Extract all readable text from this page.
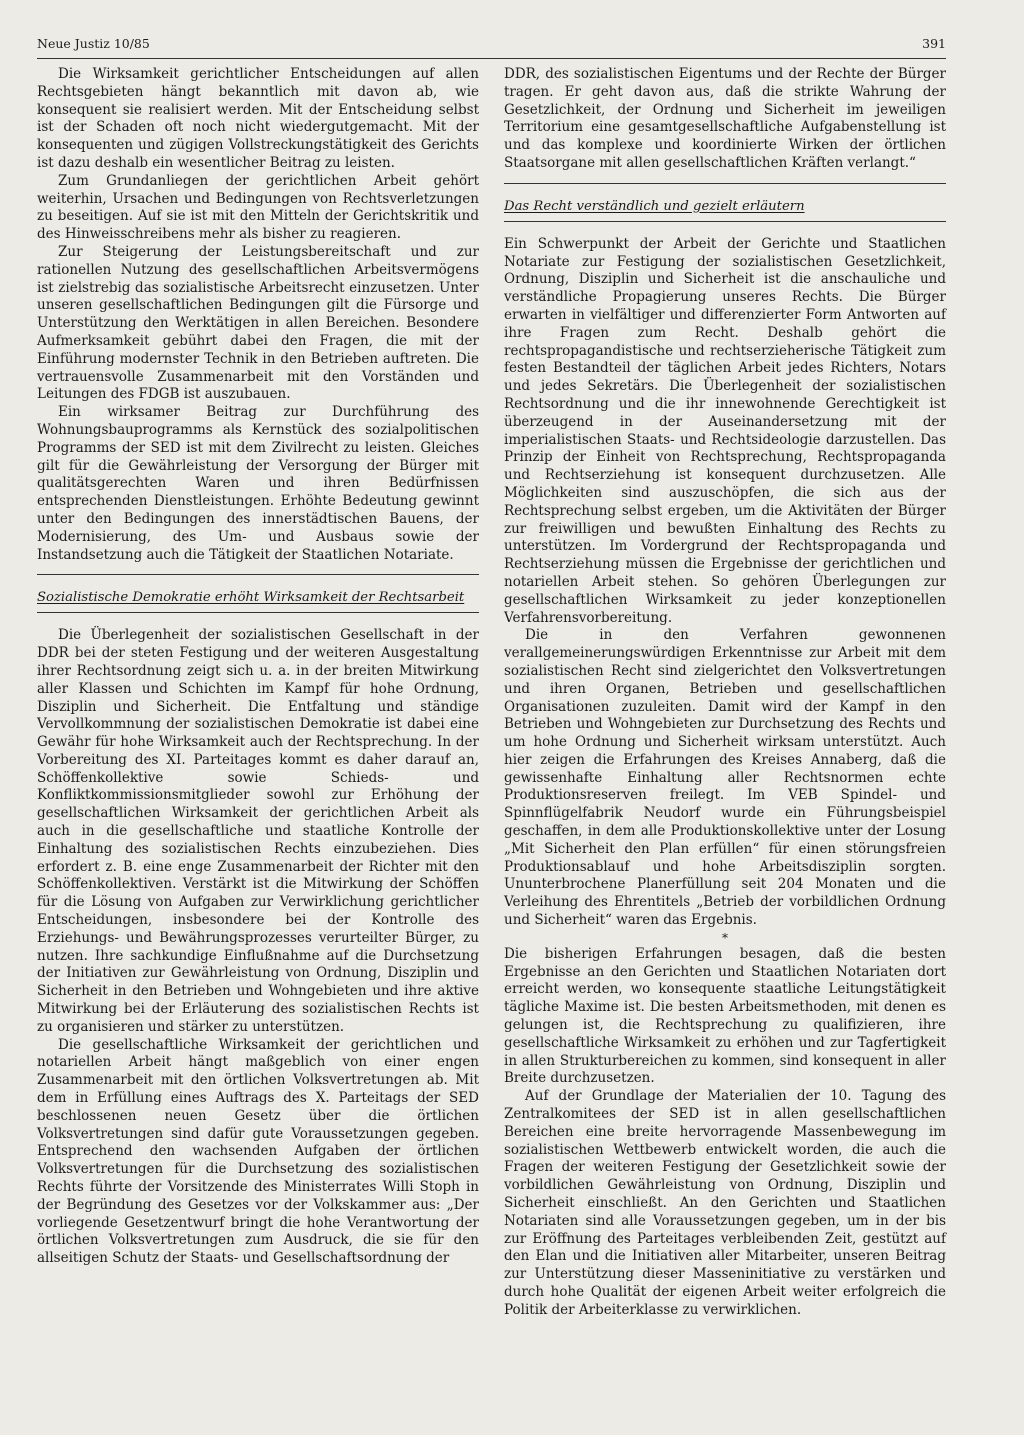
Neue Justiz 10/85	391

Die Wirksamkeit gerichtlicher Entscheidungen auf allen Rechtsgebieten hängt bekanntlich mit davon ab, wie konsequent sie realisiert werden. Mit der Entscheidung selbst ist der Schaden oft noch nicht wiedergutgemacht. Mit der konsequenten und zügigen Vollstreckungstätigkeit des Gerichts ist dazu deshalb ein wesentlicher Beitrag zu leisten.

Zum Grundanliegen der gerichtlichen Arbeit gehört weiterhin, Ursachen und Bedingungen von Rechtsverletzungen zu beseitigen. Auf sie ist mit den Mitteln der Gerichtskritik und des Hinweisschreibens mehr als bisher zu reagieren.

Zur Steigerung der Leistungsbereitschaft und zur rationellen Nutzung des gesellschaftlichen Arbeitsvermögens ist zielstrebig das sozialistische Arbeitsrecht einzusetzen. Unter unseren gesellschaftlichen Bedingungen gilt die Fürsorge und Unterstützung den Werktätigen in allen Bereichen. Besondere Aufmerksamkeit gebührt dabei den Fragen, die mit der Einführung modernster Technik in den Betrieben auftreten. Die vertrauensvolle Zusammenarbeit mit den Vorständen und Leitungen des FDGB ist auszubauen.

Ein wirksamer Beitrag zur Durchführung des Wohnungsbauprogramms als Kernstück des sozialpolitischen Programms der SED ist mit dem Zivilrecht zu leisten. Gleiches gilt für die Gewährleistung der Versorgung der Bürger mit qualitätsgerechten Waren und ihren Bedürfnissen entsprechenden Dienstleistungen. Erhöhte Bedeutung gewinnt unter den Bedingungen des innerstädtischen Bauens, der Modernisierung, des Um- und Ausbaus sowie der Instandsetzung auch die Tätigkeit der Staatlichen Notariate.

Sozialistische Demokratie erhöht Wirksamkeit der Rechtsarbeit

Die Überlegenheit der sozialistischen Gesellschaft in der DDR bei der steten Festigung und der weiteren Ausgestaltung ihrer Rechtsordnung zeigt sich u. a. in der breiten Mitwirkung aller Klassen und Schichten im Kampf für hohe Ordnung, Disziplin und Sicherheit. Die Entfaltung und ständige Vervollkommnung der sozialistischen Demokratie ist dabei eine Gewähr für hohe Wirksamkeit auch der Rechtsprechung. In der Vorbereitung des XI. Parteitages kommt es daher darauf an, Schöffenkollektive sowie Schieds- und Konfliktkommissionsmitglieder sowohl zur Erhöhung der gesellschaftlichen Wirksamkeit der gerichtlichen Arbeit als auch in die gesellschaftliche und staatliche Kontrolle der Einhaltung des sozialistischen Rechts einzubeziehen. Dies erfordert z. B. eine enge Zusammenarbeit der Richter mit den Schöffenkollektiven. Verstärkt ist die Mitwirkung der Schöffen für die Lösung von Aufgaben zur Verwirklichung gerichtlicher Entscheidungen, insbesondere bei der Kontrolle des Erziehungs- und Bewährungsprozesses verurteilter Bürger, zu nutzen. Ihre sachkundige Einflußnahme auf die Durchsetzung der Initiativen zur Gewährleistung von Ordnung, Disziplin und Sicherheit in den Betrieben und Wohngebieten und ihre aktive Mitwirkung bei der Erläuterung des sozialistischen Rechts ist zu organisieren und stärker zu unterstützen.

Die gesellschaftliche Wirksamkeit der gerichtlichen und notariellen Arbeit hängt maßgeblich von einer engen Zusammenarbeit mit den örtlichen Volksvertretungen ab. Mit dem in Erfüllung eines Auftrags des X. Parteitags der SED beschlossenen neuen Gesetz über die örtlichen Volksvertretungen sind dafür gute Voraussetzungen gegeben. Entsprechend den wachsenden Aufgaben der örtlichen Volksvertretungen für die Durchsetzung des sozialistischen Rechts führte der Vorsitzende des Ministerrates Willi Stoph in der Begründung des Gesetzes vor der Volkskammer aus: „Der vorliegende Gesetzentwurf bringt die hohe Verantwortung der örtlichen Volksvertretungen zum Ausdruck, die sie für den allseitigen Schutz der Staats- und Gesellschaftsordnung der

DDR, des sozialistischen Eigentums und der Rechte der Bürger tragen. Er geht davon aus, daß die strikte Wahrung der Gesetzlichkeit, der Ordnung und Sicherheit im jeweiligen Territorium eine gesamtgesellschaftliche Aufgabenstellung ist und das komplexe und koordinierte Wirken der örtlichen Staatsorgane mit allen gesellschaftlichen Kräften verlangt.“

Das Recht verständlich und gezielt erläutern

Ein Schwerpunkt der Arbeit der Gerichte und Staatlichen Notariate zur Festigung der sozialistischen Gesetzlichkeit, Ordnung, Disziplin und Sicherheit ist die anschauliche und verständliche Propagierung unseres Rechts. Die Bürger erwarten in vielfältiger und differenzierter Form Antworten auf ihre Fragen zum Recht. Deshalb gehört die rechtspropagandistische und rechtserzieherische Tätigkeit zum festen Bestandteil der täglichen Arbeit jedes Richters, Notars und jedes Sekretärs. Die Überlegenheit der sozialistischen Rechtsordnung und die ihr innewohnende Gerechtigkeit ist überzeugend in der Auseinandersetzung mit der imperialistischen Staats- und Rechtsideologie darzustellen. Das Prinzip der Einheit von Rechtsprechung, Rechtspropaganda und Rechtserziehung ist konsequent durchzusetzen. Alle Möglichkeiten sind auszuschöpfen, die sich aus der Rechtsprechung selbst ergeben, um die Aktivitäten der Bürger zur freiwilligen und bewußten Einhaltung des Rechts zu unterstützen. Im Vordergrund der Rechtspropaganda und Rechtserziehung müssen die Ergebnisse der gerichtlichen und notariellen Arbeit stehen. So gehören Überlegungen zur gesellschaftlichen Wirksamkeit zu jeder konzeptionellen Verfahrensvorbereitung.

Die in den Verfahren gewonnenen verallgemeinerungswürdigen Erkenntnisse zur Arbeit mit dem sozialistischen Recht sind zielgerichtet den Volksvertretungen und ihren Organen, Betrieben und gesellschaftlichen Organisationen zuzuleiten. Damit wird der Kampf in den Betrieben und Wohngebieten zur Durchsetzung des Rechts und um hohe Ordnung und Sicherheit wirksam unterstützt. Auch hier zeigen die Erfahrungen des Kreises Annaberg, daß die gewissenhafte Einhaltung aller Rechtsnormen echte Produktionsreserven freilegt. Im VEB Spindel- und Spinnflügelfabrik Neudorf wurde ein Führungsbeispiel geschaffen, in dem alle Produktionskollektive unter der Losung „Mit Sicherheit den Plan erfüllen“ für einen störungsfreien Produktionsablauf und hohe Arbeitsdisziplin sorgten. Ununterbrochene Planerfüllung seit 204 Monaten und die Verleihung des Ehrentitels „Betrieb der vorbildlichen Ordnung und Sicherheit“ waren das Ergebnis.

*

Die bisherigen Erfahrungen besagen, daß die besten Ergebnisse an den Gerichten und Staatlichen Notariaten dort erreicht werden, wo konsequente staatliche Leitungstätigkeit tägliche Maxime ist. Die besten Arbeitsmethoden, mit denen es gelungen ist, die Rechtsprechung zu qualifizieren, ihre gesellschaftliche Wirksamkeit zu erhöhen und zur Tagfertigkeit in allen Strukturbereichen zu kommen, sind konsequent in aller Breite durchzusetzen.

Auf der Grundlage der Materialien der 10. Tagung des Zentralkomitees der SED ist in allen gesellschaftlichen Bereichen eine breite hervorragende Massenbewegung im sozialistischen Wettbewerb entwickelt worden, die auch die Fragen der weiteren Festigung der Gesetzlichkeit sowie der vorbildlichen Gewährleistung von Ordnung, Disziplin und Sicherheit einschließt. An den Gerichten und Staatlichen Notariaten sind alle Voraussetzungen gegeben, um in der bis zur Eröffnung des Parteitages verbleibenden Zeit, gestützt auf den Elan und die Initiativen aller Mitarbeiter, unseren Beitrag zur Unterstützung dieser Masseninitiative zu verstärken und durch hohe Qualität der eigenen Arbeit weiter erfolgreich die Politik der Arbeiterklasse zu verwirklichen.
